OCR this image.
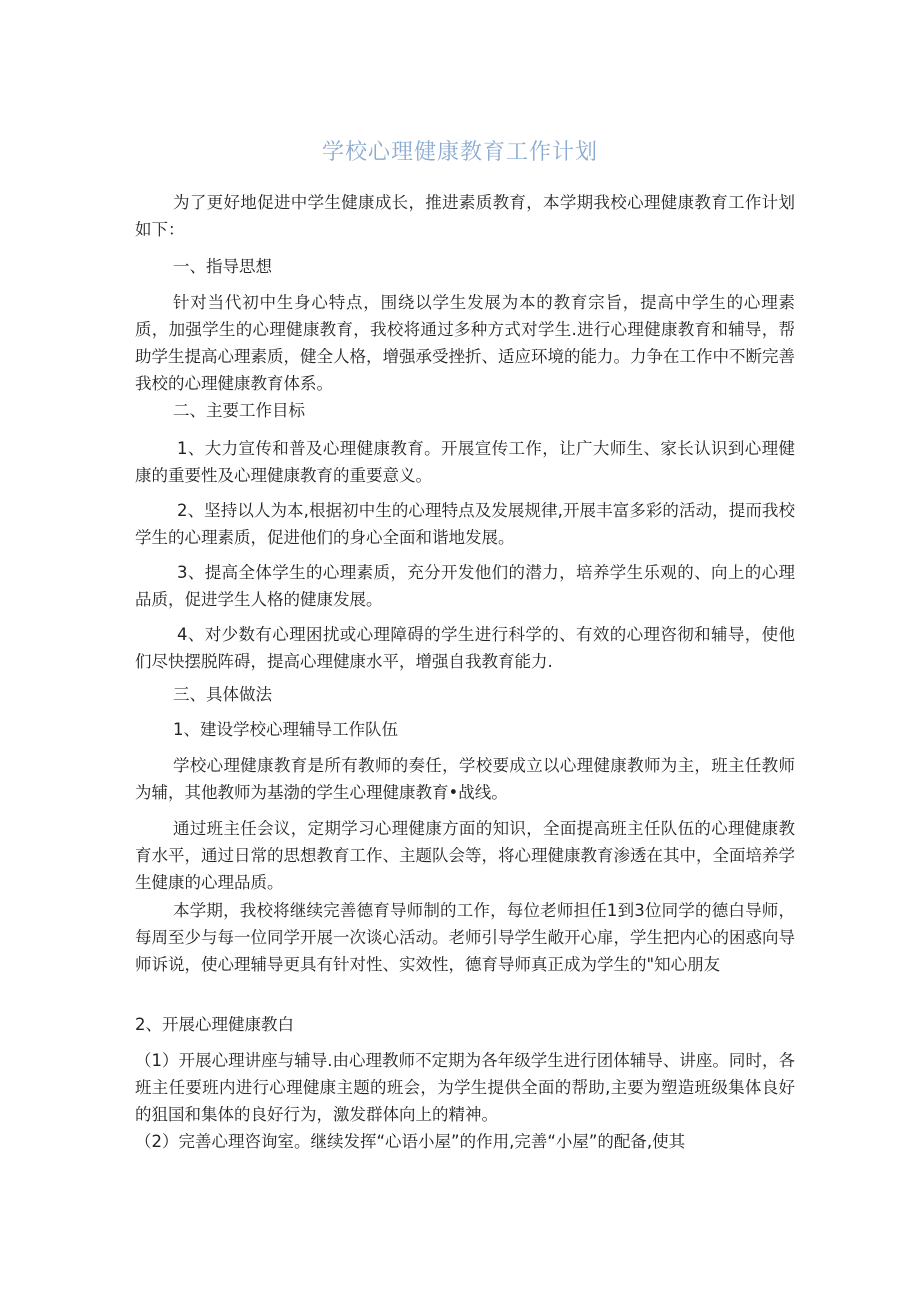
学校心理健康教育工作计划

为了更好地促进中学生健康成长，推进素质教育，本学期我校心理健康教育工作计划如下：

一、指导思想

针对当代初中生身心特点，围绕以学生发展为本的教育宗旨，提高中学生的心理素质，加强学生的心理健康教育，我校将通过多种方式对学生.进行心理健康教育和辅导，帮助学生提高心理素质，健全人格，增强承受挫折、适应环境的能力。力争在工作中不断完善我校的心理健康教育体系。

二、主要工作目标

1、大力宣传和普及心理健康教育。开展宣传工作，让广大师生、家长认识到心理健康的重要性及心理健康教育的重要意义。

2、坚持以人为本,根据初中生的心理特点及发展规律,开展丰富多彩的活动，提而我校学生的心理素质，促进他们的身心全面和谐地发展。

3、提高全体学生的心理素质，充分开发他们的潜力，培养学生乐观的、向上的心理品质，促进学生人格的健康发展。

4、对少数有心理困扰或心理障碍的学生进行科学的、有效的心理咨彻和辅导，使他们尽快摆脱阵碍，提高心理健康水平，增强自我教育能力.

三、具体做法

1、建设学校心理辅导工作队伍

学校心理健康教育是所有教师的奏任，学校要成立以心理健康教师为主，班主任教师为辅，其他教师为基渤的学生心理健康教育•战线。

通过班主任会议，定期学习心理健康方面的知识，全面提高班主任队伍的心理健康教育水平，通过日常的思想教育工作、主题队会等，将心理健康教育渗透在其中，全面培养学生健康的心理品质。

本学期，我校将继续完善德育导师制的工作，每位老师担任1到3位同学的德白导师，每周至少与每一位同学开展一次谈心活动。老师引导学生敞开心扉，学生把内心的困惑向导师诉说，使心理辅导更具有针对性、实效性，德育导师真正成为学生的"知心朋友

2、开展心理健康教白

（1）开展心理讲座与辅导.由心理教师不定期为各年级学生进行团体辅导、讲座。同时，各班主任要班内进行心理健康主题的班会，为学生提供全面的帮助,主要为塑造班级集体良好的狙国和集体的良好行为，激发群体向上的精神。

（2）完善心理咨询室。继续发挥“心语小屋”的作用,完善“小屋”的配备,使其
